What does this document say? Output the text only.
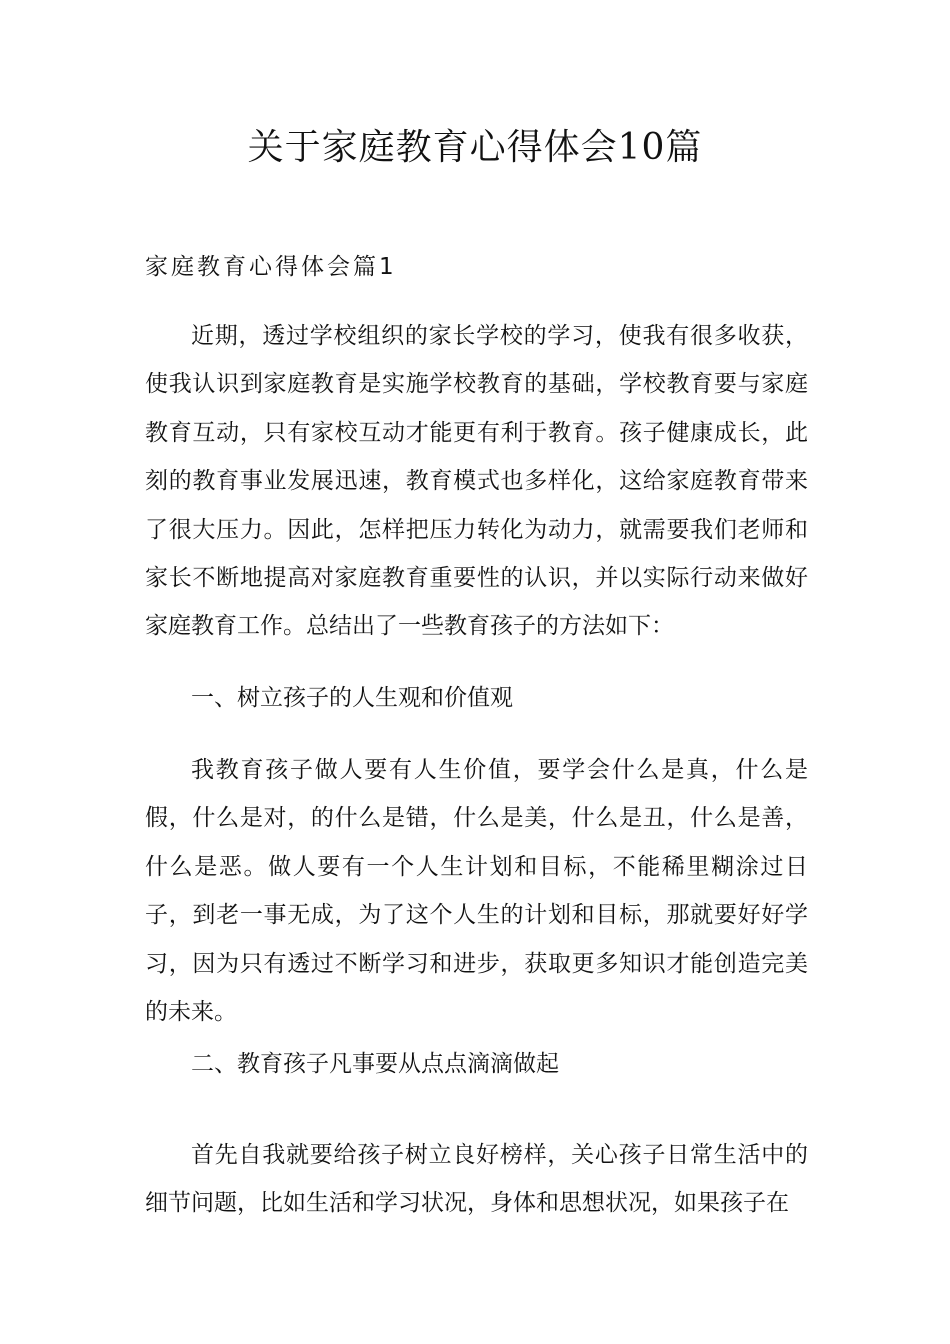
关于家庭教育心得体会10篇
家庭教育心得体会篇1

近期，透过学校组织的家长学校的学习，使我有很多收获，使我认识到家庭教育是实施学校教育的基础，学校教育要与家庭教育互动，只有家校互动才能更有利于教育。孩子健康成长，此刻的教育事业发展迅速，教育模式也多样化，这给家庭教育带来了很大压力。因此，怎样把压力转化为动力，就需要我们老师和家长不断地提高对家庭教育重要性的认识，并以实际行动来做好家庭教育工作。总结出了一些教育孩子的方法如下：

一、树立孩子的人生观和价值观

我教育孩子做人要有人生价值，要学会什么是真，什么是假，什么是对，的什么是错，什么是美，什么是丑，什么是善，什么是恶。做人要有一个人生计划和目标，不能稀里糊涂过日子，到老一事无成，为了这个人生的计划和目标，那就要好好学习，因为只有透过不断学习和进步，获取更多知识才能创造完美的未来。

二、教育孩子凡事要从点点滴滴做起

首先自我就要给孩子树立良好榜样，关心孩子日常生活中的细节问题，比如生活和学习状况，身体和思想状况，如果孩子在
